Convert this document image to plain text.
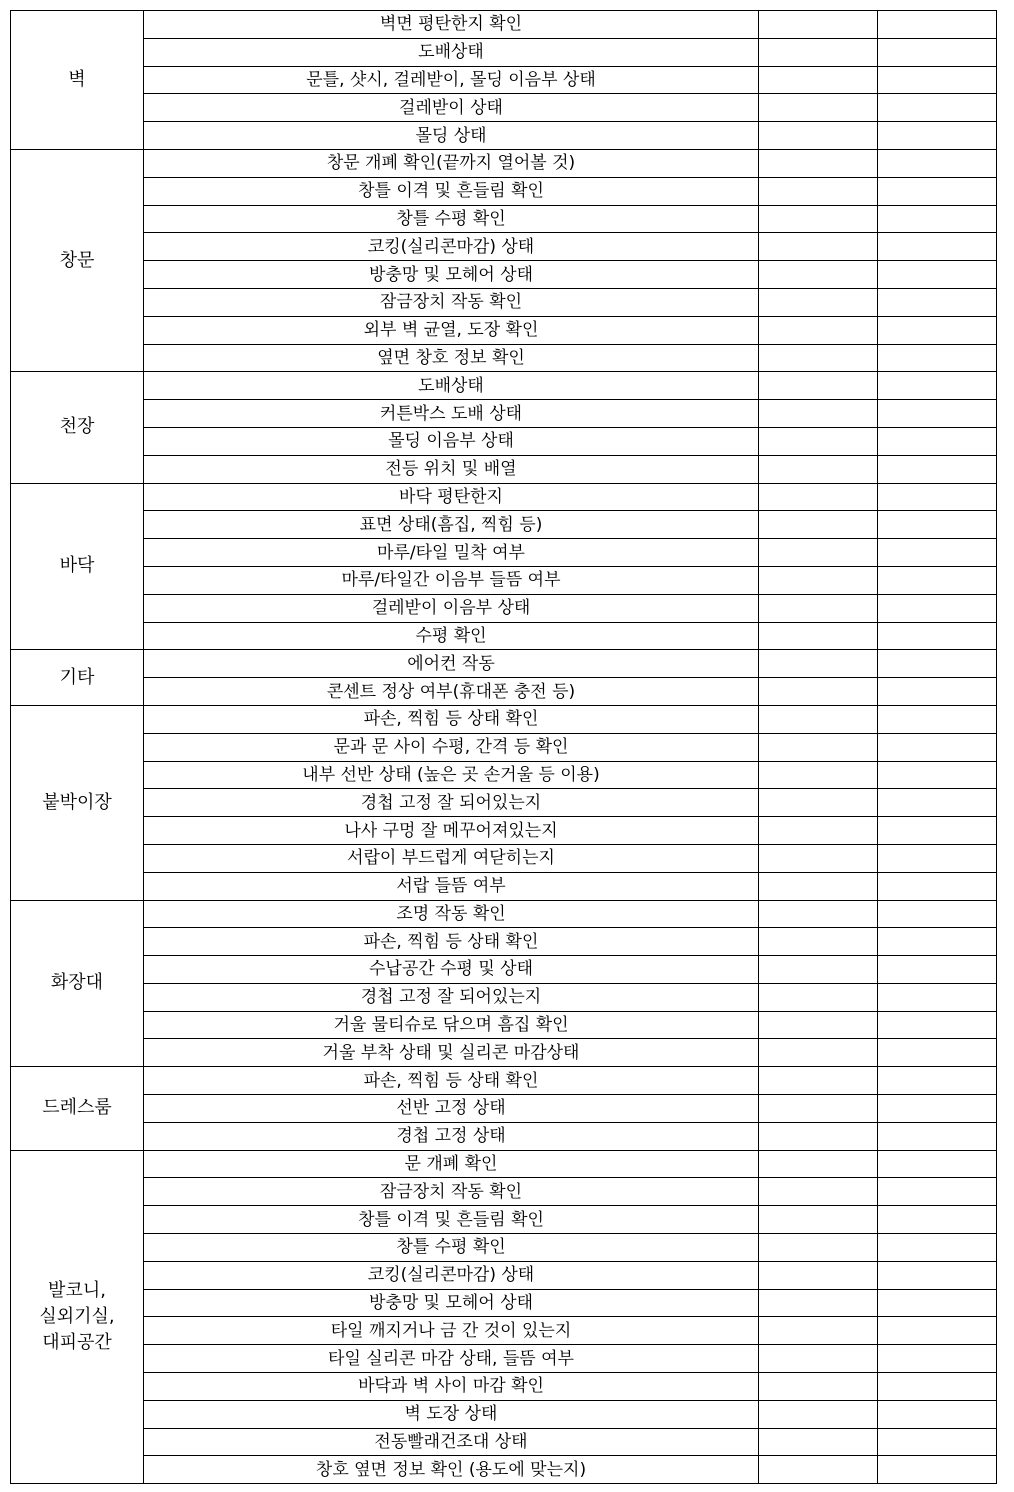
벽	벽면 평탄한지 확인		
	도배상태		
	문틀, 샷시, 걸레받이, 몰딩 이음부 상태		
	걸레받이 상태		
	몰딩 상태		
창문	창문 개폐 확인(끝까지 열어볼 것)		
	창틀 이격 및 흔들림 확인		
	창틀 수평 확인		
	코킹(실리콘마감) 상태		
	방충망 및 모헤어 상태		
	잠금장치 작동 확인		
	외부 벽 균열, 도장 확인		
	옆면 창호 정보 확인		
천장	도배상태		
	커튼박스 도배 상태		
	몰딩 이음부 상태		
	전등 위치 및 배열		
바닥	바닥 평탄한지		
	표면 상태(흠집, 찍힘 등)		
	마루/타일 밀착 여부		
	마루/타일간 이음부 들뜸 여부		
	걸레받이 이음부 상태		
	수평 확인		
기타	에어컨 작동		
	콘센트 정상 여부(휴대폰 충전 등)		
붙박이장	파손, 찍힘 등 상태 확인		
	문과 문 사이 수평, 간격 등 확인		
	내부 선반 상태 (높은 곳 손거울 등 이용)		
	경첩 고정 잘 되어있는지		
	나사 구멍 잘 메꾸어져있는지		
	서랍이 부드럽게 여닫히는지		
	서랍 들뜸 여부		
화장대	조명 작동 확인		
	파손, 찍힘 등 상태 확인		
	수납공간 수평 및 상태		
	경첩 고정 잘 되어있는지		
	거울 물티슈로 닦으며 흠집 확인		
	거울 부착 상태 및 실리콘 마감상태		
드레스룸	파손, 찍힘 등 상태 확인		
	선반 고정 상태		
	경첩 고정 상태		
발코니,
실외기실,
대피공간	문 개폐 확인		
	잠금장치 작동 확인		
	창틀 이격 및 흔들림 확인		
	창틀 수평 확인		
	코킹(실리콘마감) 상태		
	방충망 및 모헤어 상태		
	타일 깨지거나 금 간 것이 있는지		
	타일 실리콘 마감 상태, 들뜸 여부		
	바닥과 벽 사이 마감 확인		
	벽 도장 상태		
	전동빨래건조대 상태		
	창호 옆면 정보 확인 (용도에 맞는지)		
